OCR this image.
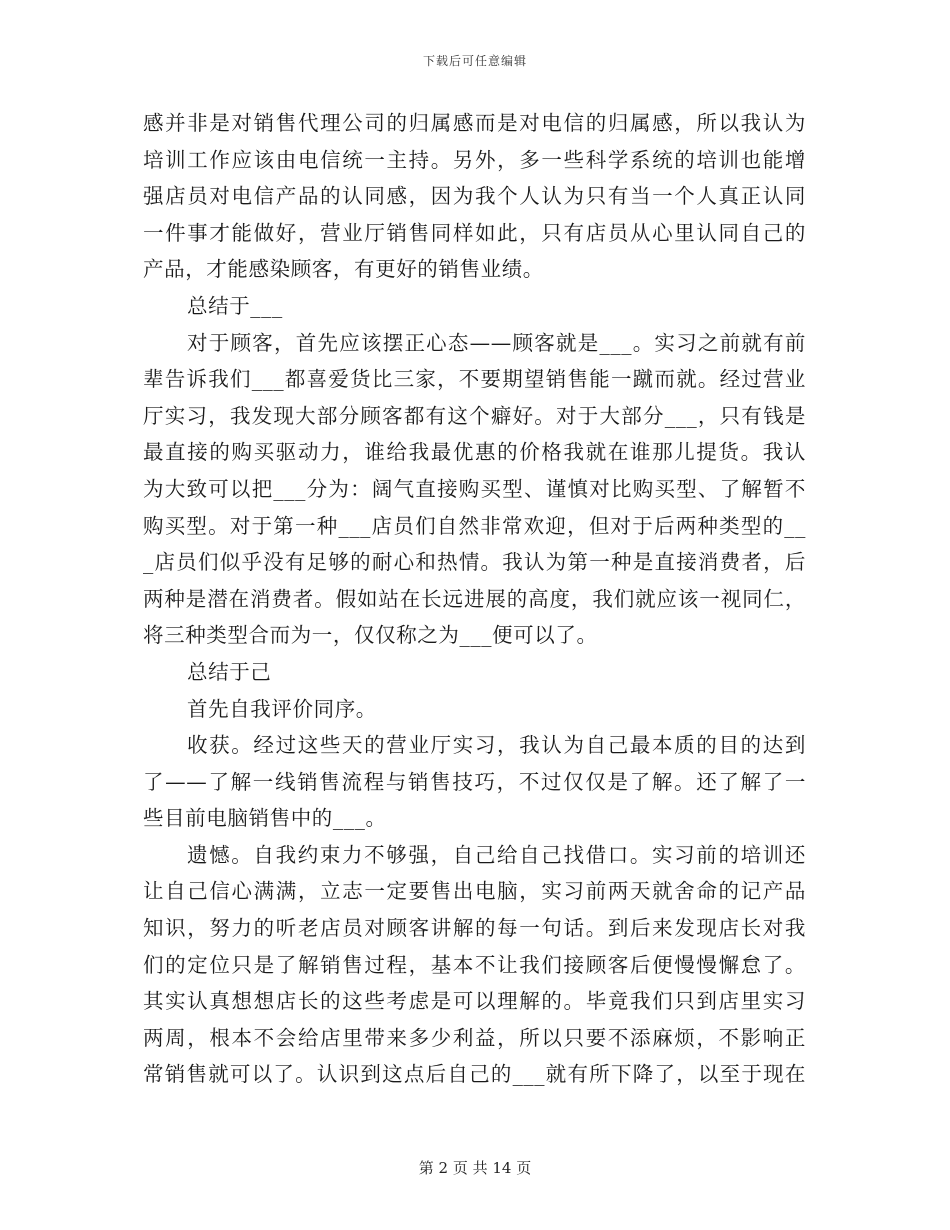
下载后可任意编辑
感并非是对销售代理公司的归属感而是对电信的归属感，所以我认为
培训工作应该由电信统一主持。另外，多一些科学系统的培训也能增
强店员对电信产品的认同感，因为我个人认为只有当一个人真正认同
一件事才能做好，营业厅销售同样如此，只有店员从心里认同自己的
产品，才能感染顾客，有更好的销售业绩。
总结于___
对于顾客，首先应该摆正心态——顾客就是___。实习之前就有前
辈告诉我们___都喜爱货比三家，不要期望销售能一蹴而就。经过营业
厅实习，我发现大部分顾客都有这个癖好。对于大部分___，只有钱是
最直接的购买驱动力，谁给我最优惠的价格我就在谁那儿提货。我认
为大致可以把___分为：阔气直接购买型、谨慎对比购买型、了解暂不
购买型。对于第一种___店员们自然非常欢迎，但对于后两种类型的__
_店员们似乎没有足够的耐心和热情。我认为第一种是直接消费者，后
两种是潜在消费者。假如站在长远进展的高度，我们就应该一视同仁，
将三种类型合而为一，仅仅称之为___便可以了。
总结于己
首先自我评价同序。
收获。经过这些天的营业厅实习，我认为自己最本质的目的达到
了——了解一线销售流程与销售技巧，不过仅仅是了解。还了解了一
些目前电脑销售中的___。
遗憾。自我约束力不够强，自己给自己找借口。实习前的培训还
让自己信心满满，立志一定要售出电脑，实习前两天就舍命的记产品
知识，努力的听老店员对顾客讲解的每一句话。到后来发现店长对我
们的定位只是了解销售过程，基本不让我们接顾客后便慢慢懈怠了。
其实认真想想店长的这些考虑是可以理解的。毕竟我们只到店里实习
两周，根本不会给店里带来多少利益，所以只要不添麻烦，不影响正
常销售就可以了。认识到这点后自己的___就有所下降了，以至于现在
第 2 页 共 14 页
